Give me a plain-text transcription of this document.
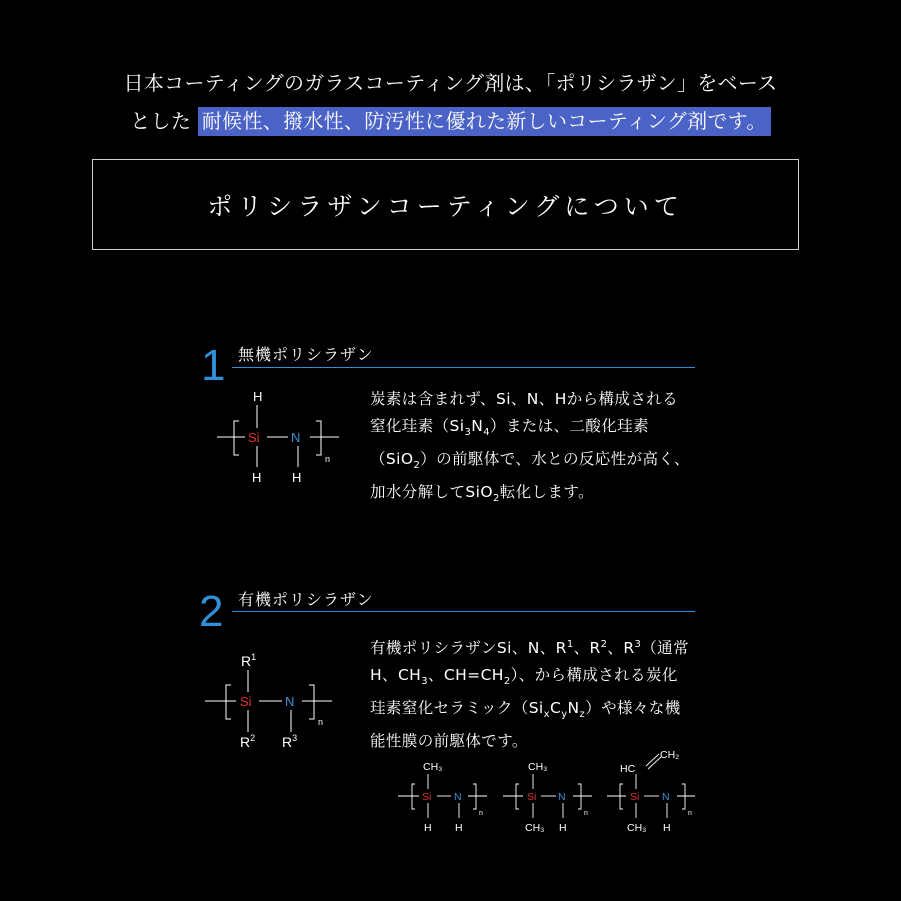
日本コーティングのガラスコーティング剤は、「ポリシラザン」をベース
とした 耐候性、撥水性、防汚性に優れた新しいコーティング剤です。
ポリシラザンコーティングについて
1 無機ポリシラザン
H
Si N
H H
n
炭素は含まれず、Si、N、Hから構成される
窒化珪素$(Si_3N_4)$または、二酸化珪素
（SiO$_2$）の前駆体で、水との反応性が高く、
加水分解してSiO$_2$転化します。
2 有機ポリシラザン
$R^1$
Si	N
$R^2$ $R^3$
n
有機ポリシラザンSi、N、$R^1$、$R^2$、$R^3$（通常
H、$CH_3$、$CH=CH_2$）、から構成される炭化
珪素窒化セラミック$(Si_xC_yN_z)$や様々な機
能性膜の前駆体です。
CH₃
Si N
H H
n
CH₃
Si N
CH₃ H
n
HC
CH₂
Si N
CH₃ H
n
